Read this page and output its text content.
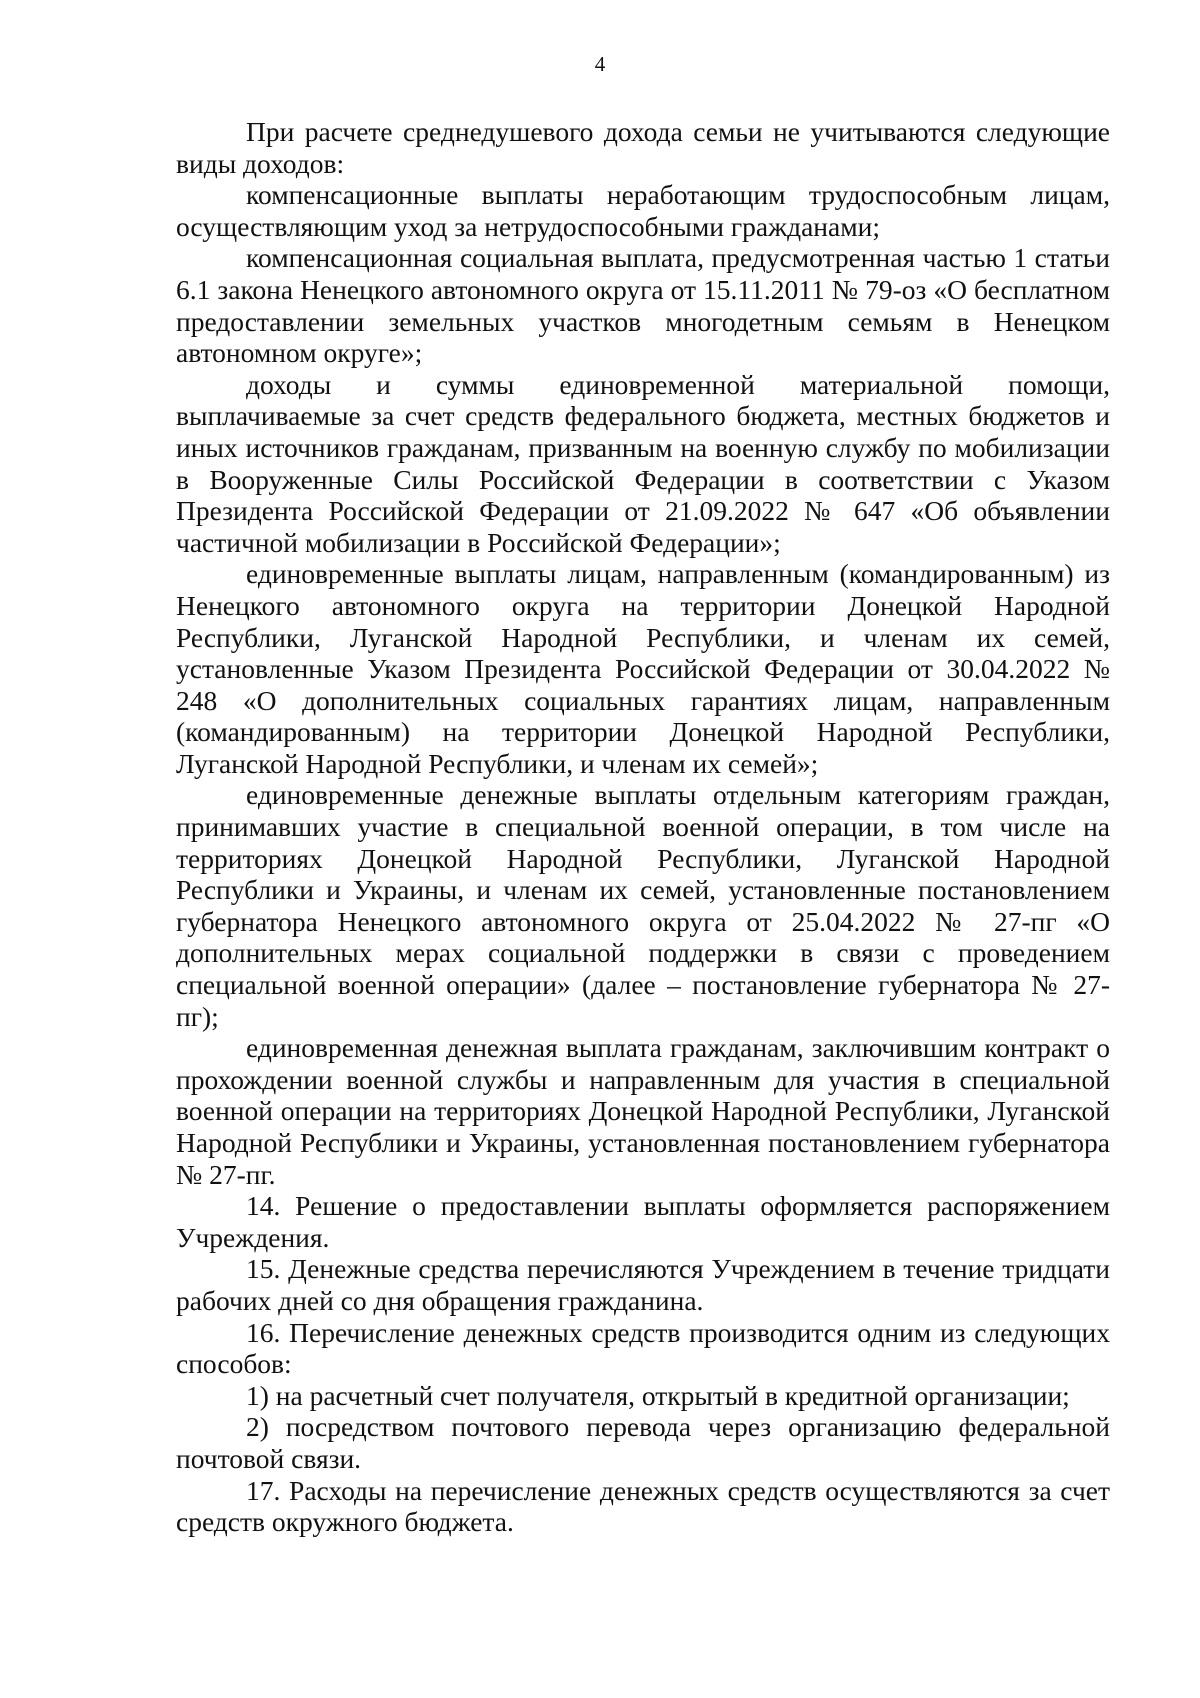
4

При расчете среднедушевого дохода семьи не учитываются следующие виды доходов:

компенсационные выплаты неработающим трудоспособным лицам, осуществляющим уход за нетрудоспособными гражданами;

компенсационная социальная выплата, предусмотренная частью 1 статьи 6.1 закона Ненецкого автономного округа от 15.11.2011 № 79-оз «О бесплатном предоставлении земельных участков многодетным семьям в Ненецком автономном округе»;

доходы и суммы единовременной материальной помощи, выплачиваемые за счет средств федерального бюджета, местных бюджетов и иных источников гражданам, призванным на военную службу по мобилизации в Вооруженные Силы Российской Федерации в соответствии с Указом Президента Российской Федерации от 21.09.2022 № 647 «Об объявлении частичной мобилизации в Российской Федерации»;

единовременные выплаты лицам, направленным (командированным) из Ненецкого автономного округа на территории Донецкой Народной Республики, Луганской Народной Республики, и членам их семей, установленные Указом Президента Российской Федерации от 30.04.2022 № 248 «О дополнительных социальных гарантиях лицам, направленным (командированным) на территории Донецкой Народной Республики, Луганской Народной Республики, и членам их семей»;

единовременные денежные выплаты отдельным категориям граждан, принимавших участие в специальной военной операции, в том числе на территориях Донецкой Народной Республики, Луганской Народной Республики и Украины, и членам их семей, установленные постановлением губернатора Ненецкого автономного округа от 25.04.2022 № 27-пг «О дополнительных мерах социальной поддержки в связи с проведением специальной военной операции» (далее – постановление губернатора № 27-пг);

единовременная денежная выплата гражданам, заключившим контракт о прохождении военной службы и направленным для участия в специальной военной операции на территориях Донецкой Народной Республики, Луганской Народной Республики и Украины, установленная постановлением губернатора № 27-пг.

14. Решение о предоставлении выплаты оформляется распоряжением Учреждения.

15. Денежные средства перечисляются Учреждением в течение тридцати рабочих дней со дня обращения гражданина.

16. Перечисление денежных средств производится одним из следующих способов:

1) на расчетный счет получателя, открытый в кредитной организации;

2) посредством почтового перевода через организацию федеральной почтовой связи.

17. Расходы на перечисление денежных средств осуществляются за счет средств окружного бюджета.
